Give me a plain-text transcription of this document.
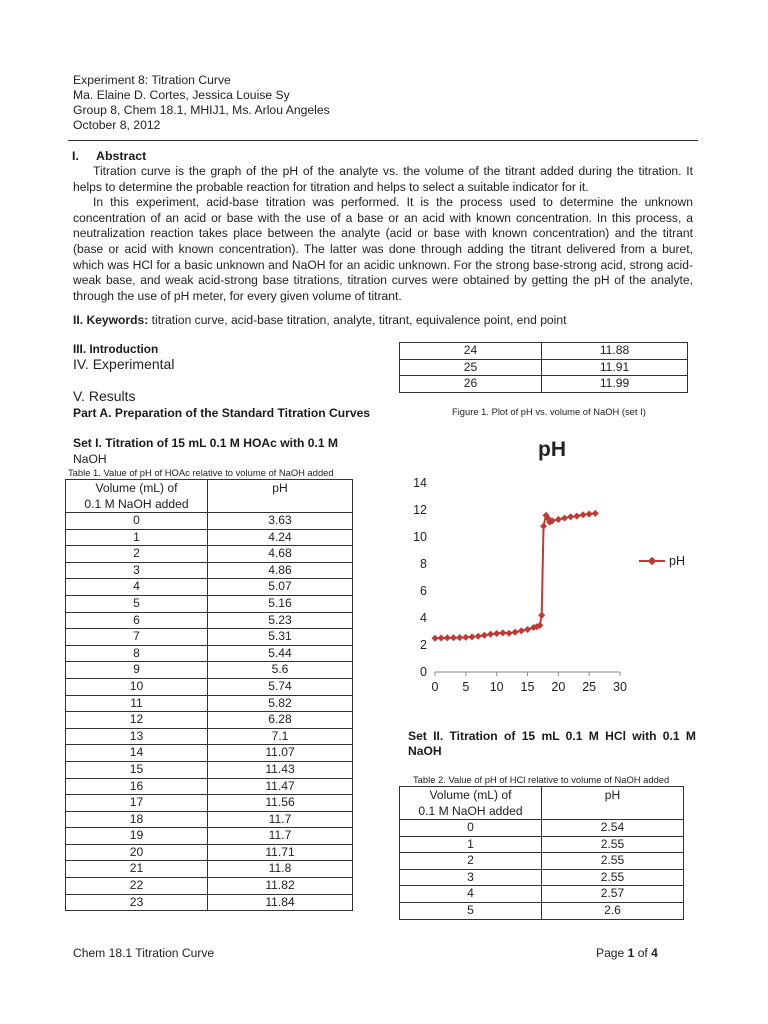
Experiment 8: Titration Curve
Ma. Elaine D. Cortes, Jessica Louise Sy
Group 8, Chem 18.1, MHIJ1, Ms. Arlou Angeles
October 8, 2012
I. Abstract

Titration curve is the graph of the pH of the analyte vs. the volume of the titrant added during the titration. It helps to determine the probable reaction for titration and helps to select a suitable indicator for it.

In this experiment, acid-base titration was performed. It is the process used to determine the unknown concentration of an acid or base with the use of a base or an acid with known concentration. In this process, a neutralization reaction takes place between the analyte (acid or base with known concentration) and the titrant (base or acid with known concentration). The latter was done through adding the titrant delivered from a buret, which was HCl for a basic unknown and NaOH for an acidic unknown. For the strong base-strong acid, strong acid-weak base, and weak acid-strong base titrations, titration curves were obtained by getting the pH of the analyte, through the use of pH meter, for every given volume of titrant.

II. Keywords: titration curve, acid-base titration, analyte, titrant, equivalence point, end point
III. Introduction
IV. Experimental
V. Results
Part A. Preparation of the Standard Titration Curves
Set I. Titration of 15 mL 0.1 M HOAc with 0.1 M
NaOH
Table 1. Value of pH of HOAc relative to volume of NaOH added
Volume (mL) of
0.1 M NaOH added	pH
0	3.63
1	4.24
2	4.68
3	4.86
4	5.07
5	5.16
6	5.23
7	5.31
8	5.44
9	5.6
10	5.74
11	5.82
12	6.28
13	7.1
14	11.07
15	11.43
16	11.47
17	11.56
18	11.7
19	11.7
20	11.71
21	11.8
22	11.82
23	11.84
24	11.88
25	11.91
26	11.99
Figure 1. Plot of pH vs. volume of NaOH (set I)
pH
0
2
4
6
8
10
12
14
0 5 10 15 20 25 30
pH
Set II. Titration of 15 mL 0.1 M HCl with 0.1 M NaOH
Table 2. Value of pH of HCl relative to volume of NaOH added
Volume (mL) of
0.1 M NaOH added	pH
0	2.54
1	2.55
2	2.55
3	2.55
4	2.57
5	2.6
Chem 18.1 Titration Curve	Page 1 of 4
